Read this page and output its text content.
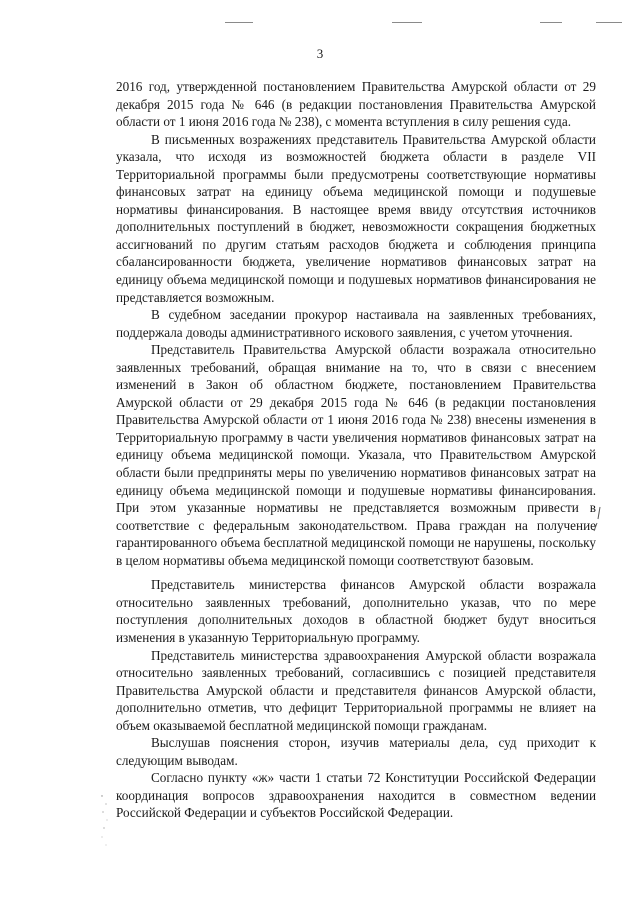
3

2016 год, утвержденной постановлением Правительства Амурской области от 29 декабря 2015 года № 646 (в редакции постановления Правительства Амурской области от 1 июня 2016 года № 238), с момента вступления в силу решения суда.

В письменных возражениях представитель Правительства Амурской области указала, что исходя из возможностей бюджета области в разделе VII Территориальной программы были предусмотрены соответствующие нормативы финансовых затрат на единицу объема медицинской помощи и подушевые нормативы финансирования. В настоящее время ввиду отсутствия источников дополнительных поступлений в бюджет, невозможности сокращения бюджетных ассигнований по другим статьям расходов бюджета и соблюдения принципа сбалансированности бюджета, увеличение нормативов финансовых затрат на единицу объема медицинской помощи и подушевых нормативов финансирования не представляется возможным.

В судебном заседании прокурор настаивала на заявленных требованиях, поддержала доводы административного искового заявления, с учетом уточнения.

Представитель Правительства Амурской области возражала относительно заявленных требований, обращая внимание на то, что в связи с внесением изменений в Закон об областном бюджете, постановлением Правительства Амурской области от 29 декабря 2015 года № 646 (в редакции постановления Правительства Амурской области от 1 июня 2016 года № 238) внесены изменения в Территориальную программу в части увеличения нормативов финансовых затрат на единицу объема медицинской помощи. Указала, что Правительством Амурской области были предприняты меры по увеличению нормативов финансовых затрат на единицу объема медицинской помощи и подушевые нормативы финансирования. При этом указанные нормативы не представляется возможным привести в соответствие с федеральным законодательством. Права граждан на получение гарантированного объема бесплатной медицинской помощи не нарушены, поскольку в целом нормативы объема медицинской помощи соответствуют базовым.

Представитель министерства финансов Амурской области возражала относительно заявленных требований, дополнительно указав, что по мере поступления дополнительных доходов в областной бюджет будут вноситься изменения в указанную Территориальную программу.

Представитель министерства здравоохранения Амурской области возражала относительно заявленных требований, согласившись с позицией представителя Правительства Амурской области и представителя финансов Амурской области, дополнительно отметив, что дефицит Территориальной программы не влияет на объем оказываемой бесплатной медицинской помощи гражданам.

Выслушав пояснения сторон, изучив материалы дела, суд приходит к следующим выводам.

Согласно пункту «ж» части 1 статьи 72 Конституции Российской Федерации координация вопросов здравоохранения находится в совместном ведении Российской Федерации и субъектов Российской Федерации.
